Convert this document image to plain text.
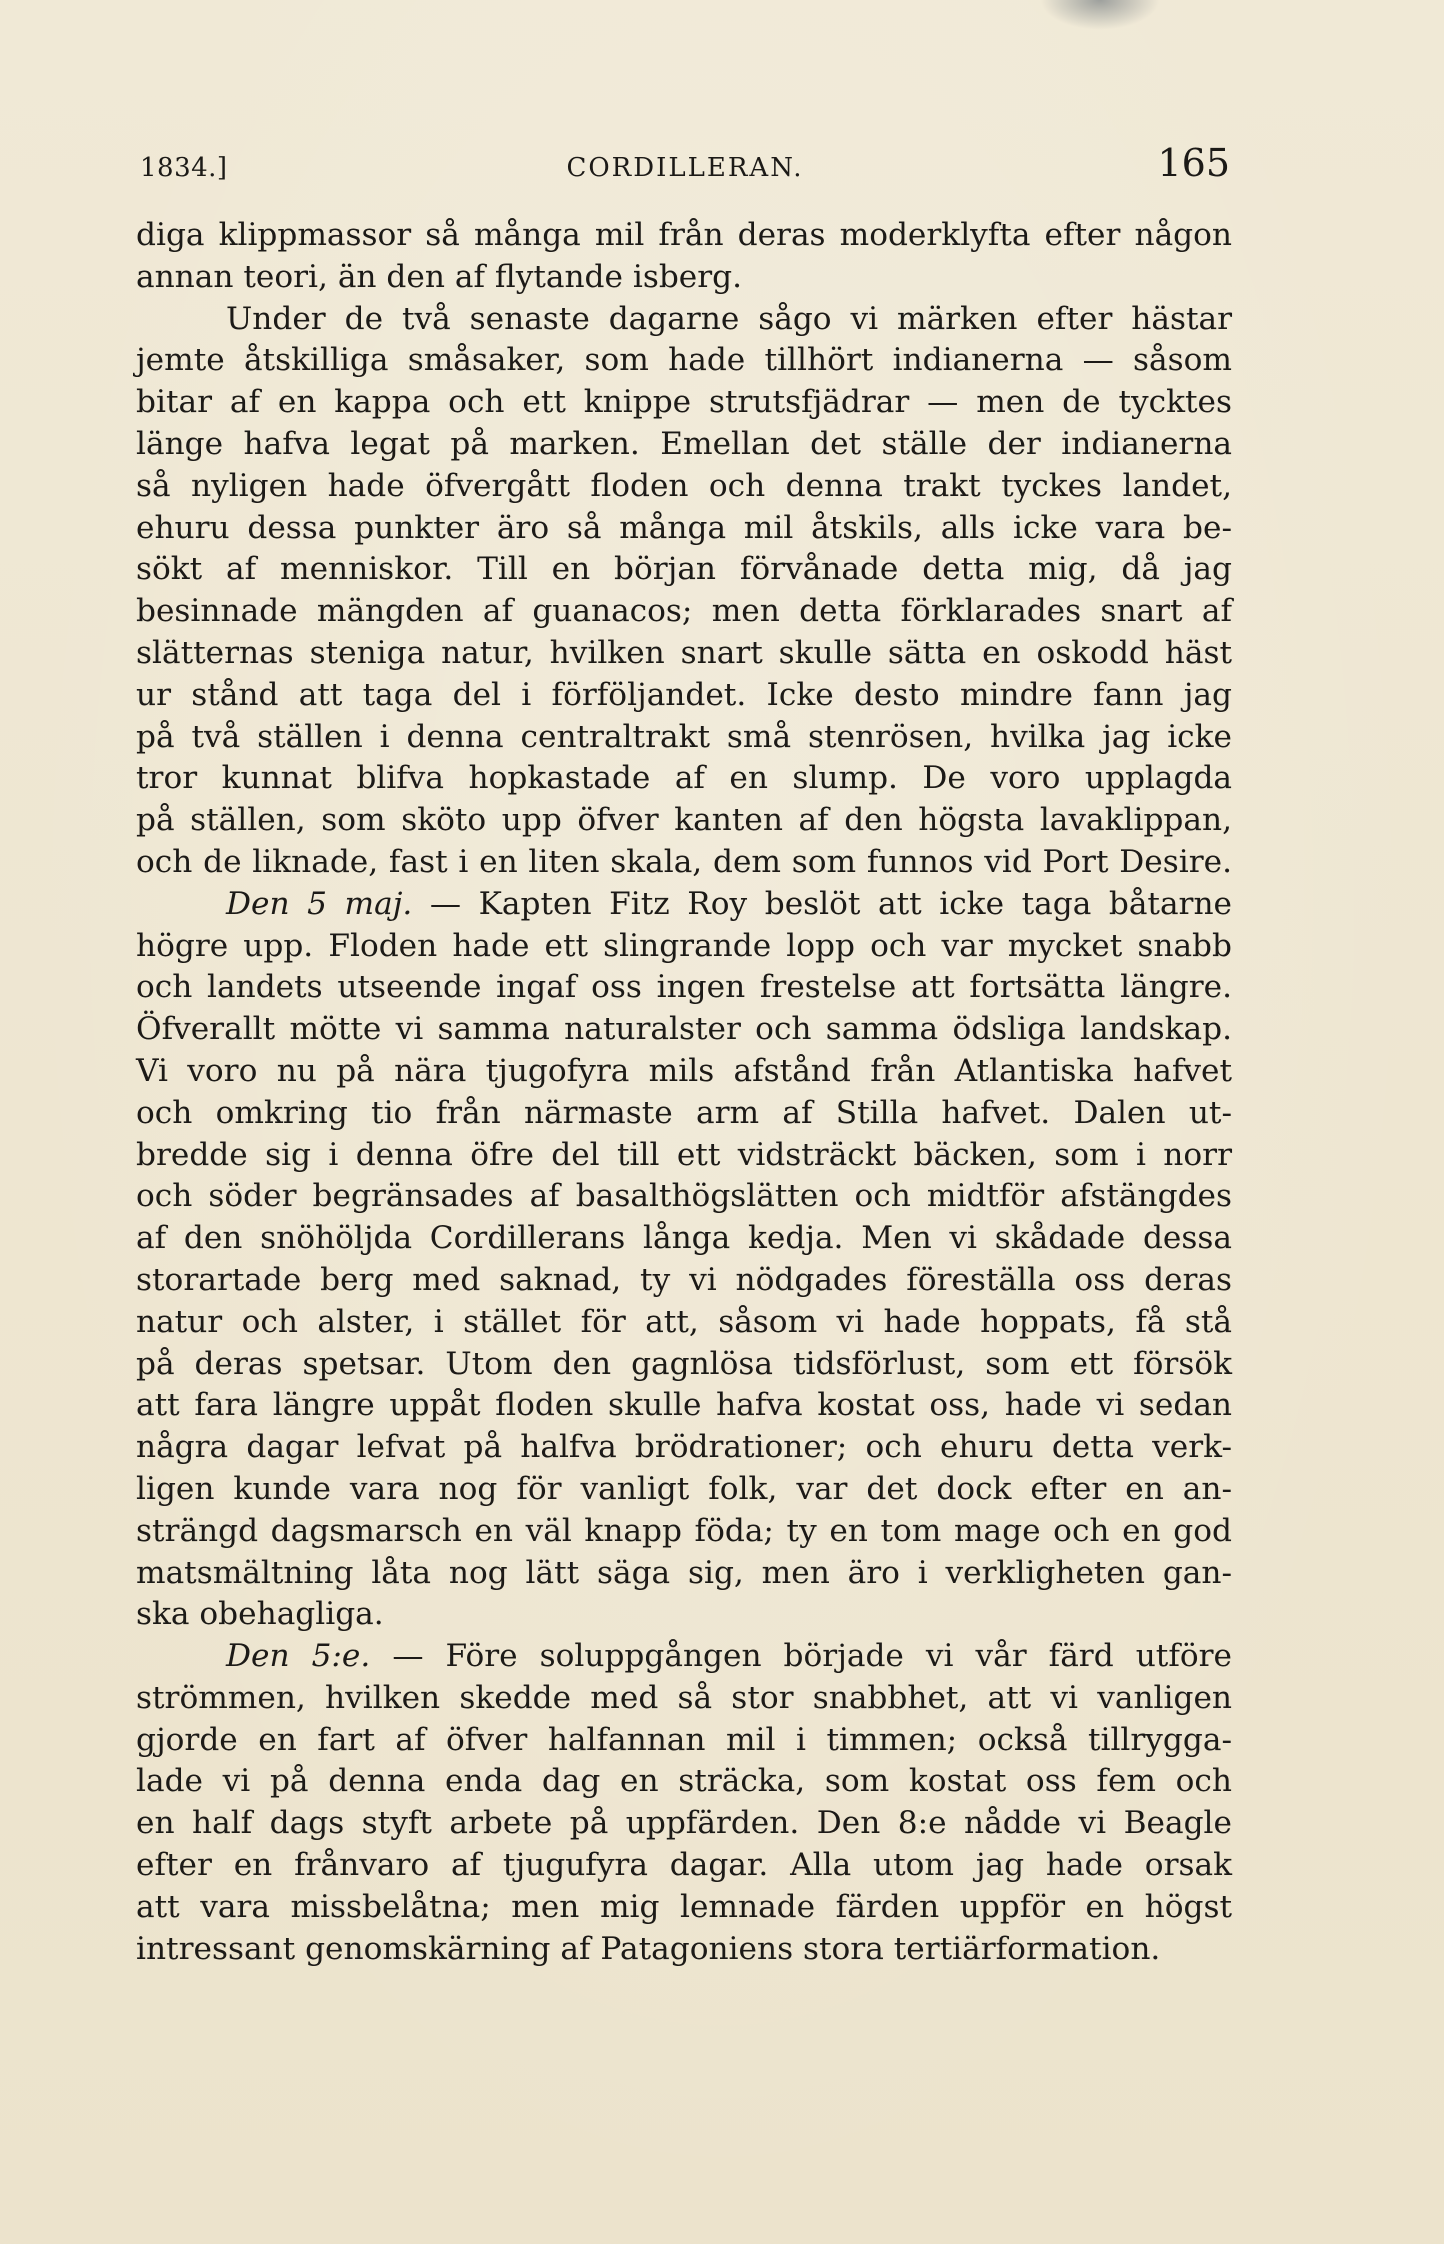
1834.]	CORDILLERAN.	165
diga klippmassor så många mil från deras moderklyfta efter någon
annan teori, än den af flytande isberg.
Under de två senaste dagarne sågo vi märken efter hästar
jemte åtskilliga småsaker, som hade tillhört indianerna — såsom
bitar af en kappa och ett knippe strutsfjädrar — men de tycktes
länge hafva legat på marken. Emellan det ställe der indianerna
så nyligen hade öfvergått floden och denna trakt tyckes landet,
ehuru dessa punkter äro så många mil åtskils, alls icke vara be-
sökt af menniskor. Till en början förvånade detta mig, då jag
besinnade mängden af guanacos; men detta förklarades snart af
slätternas steniga natur, hvilken snart skulle sätta en oskodd häst
ur stånd att taga del i förföljandet. Icke desto mindre fann jag
på två ställen i denna centraltrakt små stenrösen, hvilka jag icke
tror kunnat blifva hopkastade af en slump. De voro upplagda
på ställen, som sköto upp öfver kanten af den högsta lavaklippan,
och de liknade, fast i en liten skala, dem som funnos vid Port Desire.
Den 5 maj. — Kapten Fitz Roy beslöt att icke taga båtarne
högre upp. Floden hade ett slingrande lopp och var mycket snabb
och landets utseende ingaf oss ingen frestelse att fortsätta längre.
Öfverallt mötte vi samma naturalster och samma ödsliga landskap.
Vi voro nu på nära tjugofyra mils afstånd från Atlantiska hafvet
och omkring tio från närmaste arm af Stilla hafvet. Dalen ut-
bredde sig i denna öfre del till ett vidsträckt bäcken, som i norr
och söder begränsades af basalthögslätten och midtför afstängdes
af den snöhöljda Cordillerans långa kedja. Men vi skådade dessa
storartade berg med saknad, ty vi nödgades föreställa oss deras
natur och alster, i stället för att, såsom vi hade hoppats, få stå
på deras spetsar. Utom den gagnlösa tidsförlust, som ett försök
att fara längre uppåt floden skulle hafva kostat oss, hade vi sedan
några dagar lefvat på halfva brödrationer; och ehuru detta verk-
ligen kunde vara nog för vanligt folk, var det dock efter en an-
strängd dagsmarsch en väl knapp föda; ty en tom mage och en god
matsmältning låta nog lätt säga sig, men äro i verkligheten gan-
ska obehagliga.
Den 5:e. — Före soluppgången började vi vår färd utföre
strömmen, hvilken skedde med så stor snabbhet, att vi vanligen
gjorde en fart af öfver halfannan mil i timmen; också tillrygga-
lade vi på denna enda dag en sträcka, som kostat oss fem och
en half dags styft arbete på uppfärden. Den 8:e nådde vi Beagle
efter en frånvaro af tjugufyra dagar. Alla utom jag hade orsak
att vara missbelåtna; men mig lemnade färden uppför en högst
intressant genomskärning af Patagoniens stora tertiärformation.
